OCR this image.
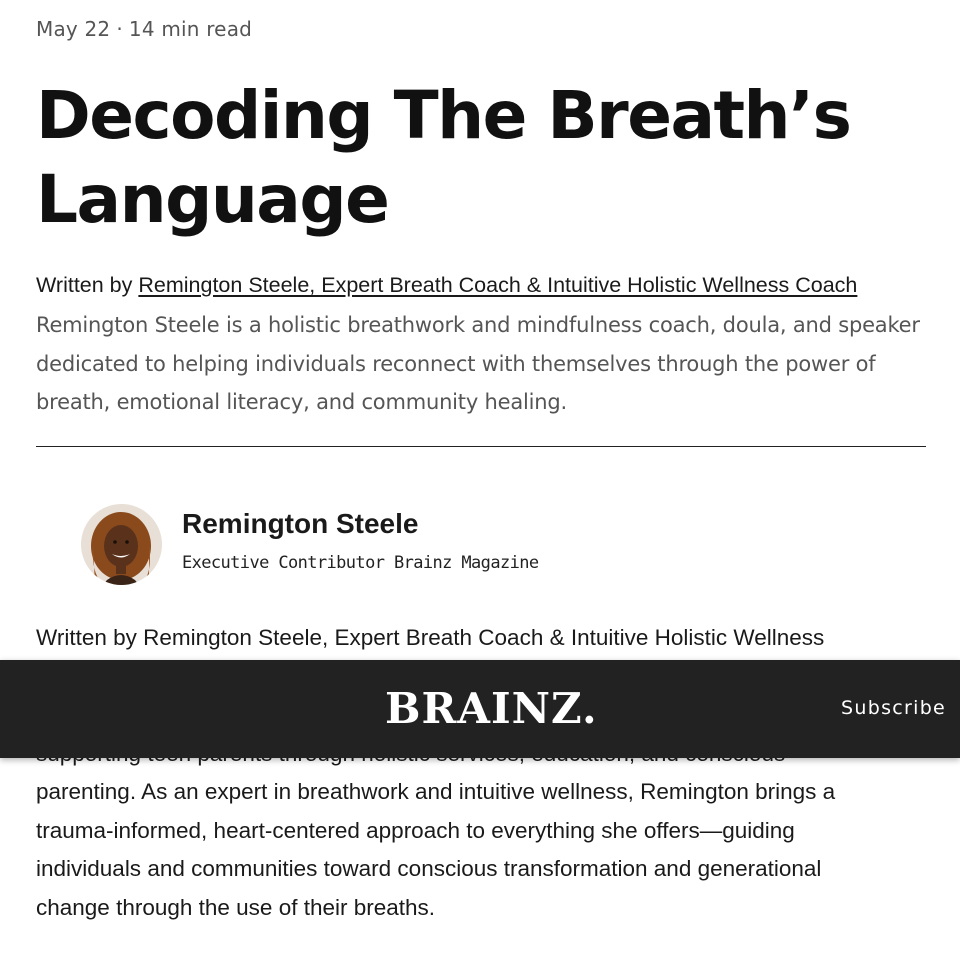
May 22 · 14 min read
Decoding The Breath’s Language
Written by Remington Steele, Expert Breath Coach & Intuitive Holistic Wellness Coach

Remington Steele is a holistic breathwork and mindfulness coach, doula, and speaker dedicated to helping individuals reconnect with themselves through the power of breath, emotional literacy, and community healing.

Remington Steele
Executive Contributor Brainz Magazine

Written by Remington Steele, Expert Breath Coach & Intuitive Holistic Wellness

parenting. As an expert in breathwork and intuitive wellness, Remington brings a

trauma-informed, heart-centered approach to everything she offers—guiding

individuals and communities toward conscious transformation and generational

change through the use of their breaths.

BRAINZ.	Subscribe
